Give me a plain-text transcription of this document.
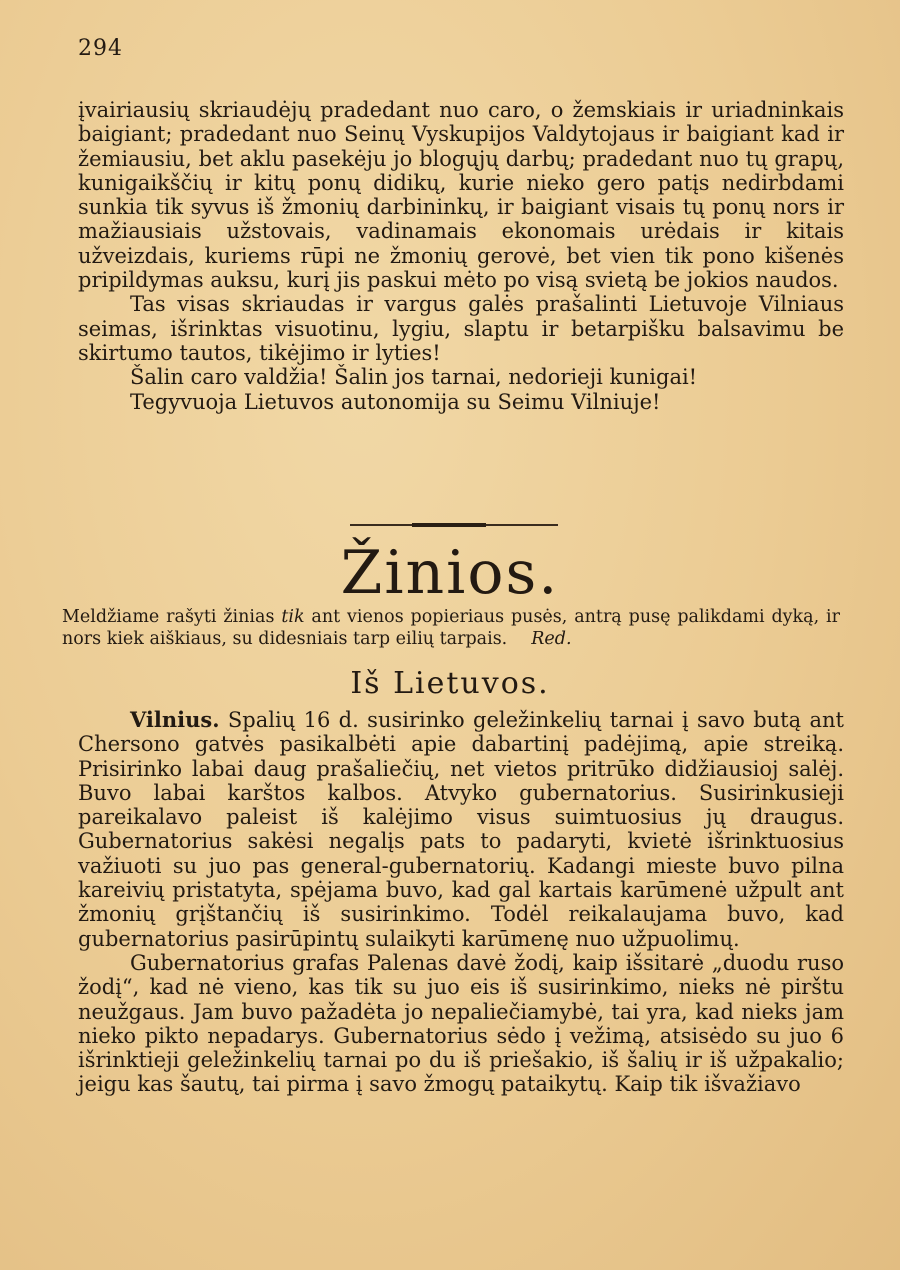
294

įvairiausių skriaudėjų pradedant nuo caro, o žemskiais ir uriadninkais baigiant; pradedant nuo Seinų Vyskupijos Valdytojaus ir baigiant kad ir žemiausiu, bet aklu pasekėju jo blogųjų darbų; pradedant nuo tų grapų, kunigaikščių ir kitų ponų didikų, kurie nieko gero patįs nedirbdami sunkia tik syvus iš žmonių darbininkų, ir baigiant visais tų ponų nors ir mažiausiais užstovais, vadinamais ekonomais urėdais ir kitais užveizdais, kuriems rūpi ne žmonių gerovė, bet vien tik pono kišenės pripildymas auksu, kurį jis paskui mėto po visą svietą be jokios naudos.

Tas visas skriaudas ir vargus galės prašalinti Lietuvoje Vilniaus seimas, išrinktas visuotinu, lygiu, slaptu ir betarpišku balsavimu be skirtumo tautos, tikėjimo ir lyties!

Šalin caro valdžia! Šalin jos tarnai, nedorieji kunigai!

Tegyvuoja Lietuvos autonomija su Seimu Vilniuje!

Žinios.

Meldžiame rašyti žinias tik ant vienos popieriaus pusės, antrą pusę palikdami dyką, ir nors kiek aiškiaus, su didesniais tarp eilių tarpais. Red.

Iš Lietuvos.

Vilnius. Spalių 16 d. susirinko geležinkelių tarnai į savo butą ant Chersono gatvės pasikalbėti apie dabartinį padėjimą, apie streiką. Prisirinko labai daug prašaliečių, net vietos pritrūko didžiausioj salėj. Buvo labai karštos kalbos. Atvyko gubernatorius. Susirinkusieji pareikalavo paleist iš kalėjimo visus suimtuosius jų draugus. Gubernatorius sakėsi negalįs pats to padaryti, kvietė išrinktuosius važiuoti su juo pas general-gubernatorių. Kadangi mieste buvo pilna kareivių pristatyta, spėjama buvo, kad gal kartais karūmenė užpult ant žmonių grįštančių iš susirinkimo. Todėl reikalaujama buvo, kad gubernatorius pasirūpintų sulaikyti karūmenę nuo užpuolimų.

Gubernatorius grafas Palenas davė žodį, kaip išsitarė „duodu ruso žodį“, kad nė vieno, kas tik su juo eis iš susirinkimo, nieks nė pirštu neužgaus. Jam buvo pažadėta jo nepaliečiamybė, tai yra, kad nieks jam nieko pikto nepadarys. Gubernatorius sėdo į vežimą, atsisėdo su juo 6 išrinktieji geležinkelių tarnai po du iš priešakio, iš šalių ir iš užpakalio; jeigu kas šautų, tai pirma į savo žmogų pataikytų. Kaip tik išvažiavo
